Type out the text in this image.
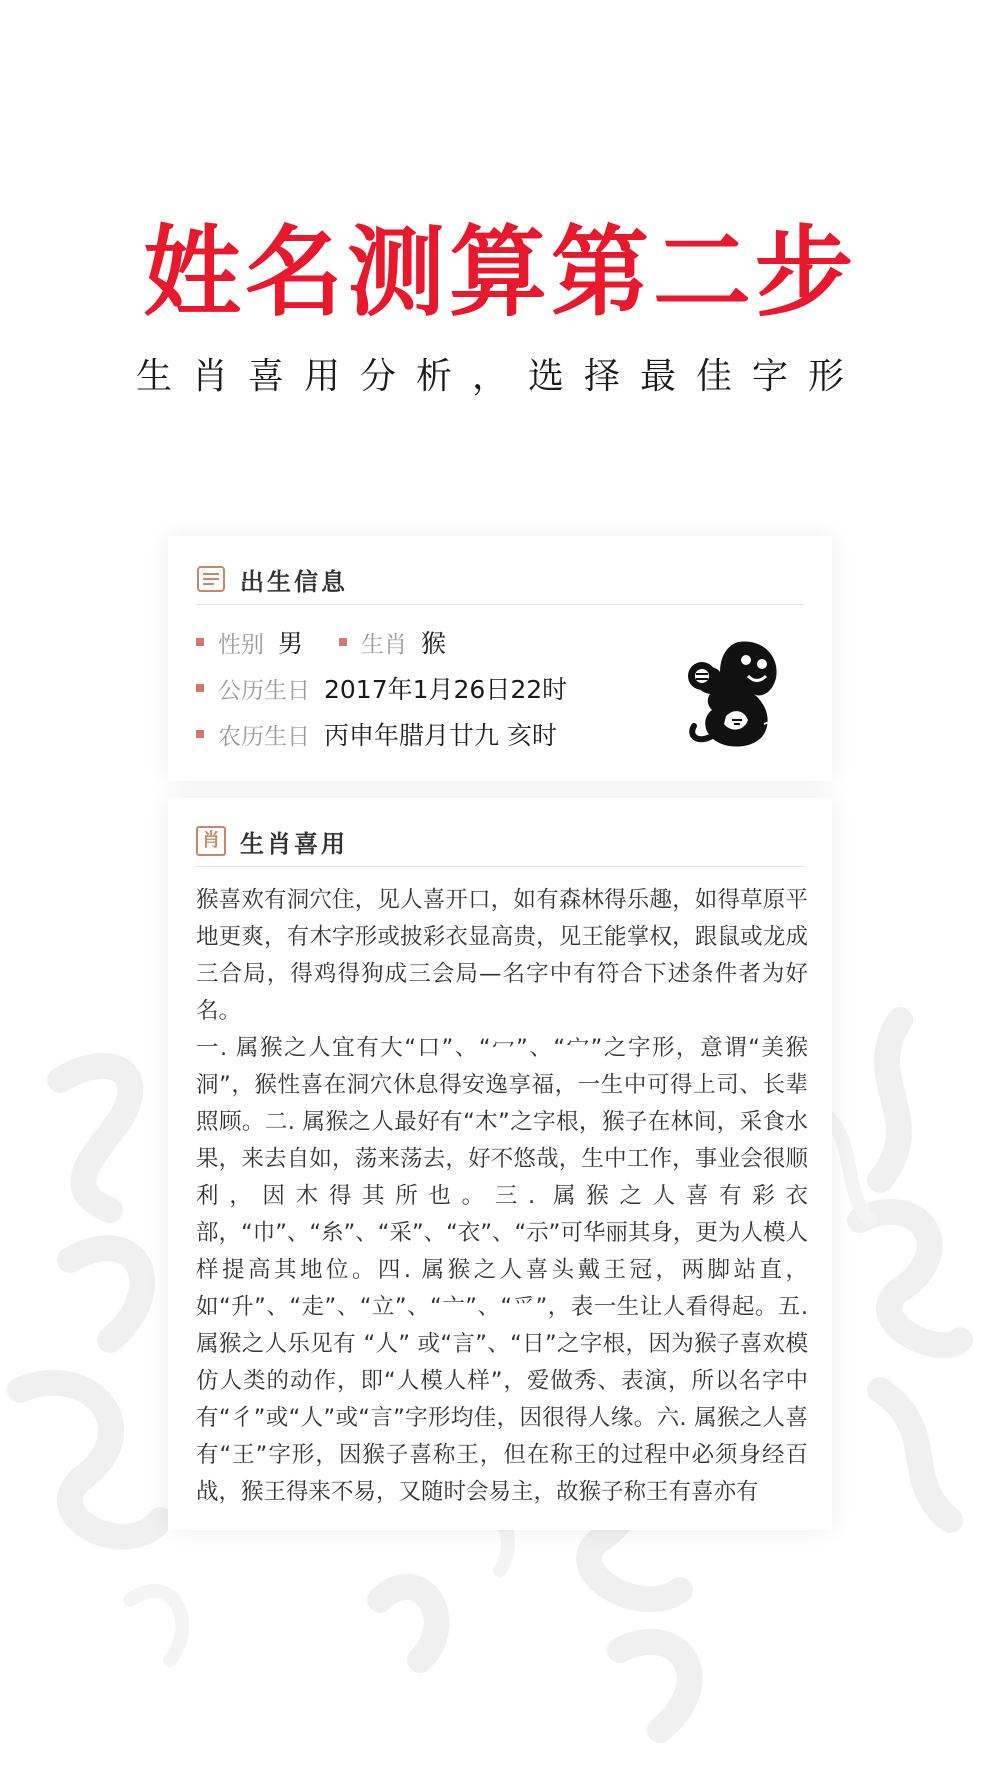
姓名测算第二步
生肖喜用分析，选择最佳字形
出生信息
性别 男	生肖 猴
公历生日 2017年1月26日22时
农历生日 丙申年腊月廿九 亥时
肖 生肖喜用

猴喜欢有洞穴住，见人喜开口，如有森林得乐趣，如得草原平地更爽，有木字形或披彩衣显高贵，见王能掌权，跟鼠或龙成三合局，得鸡得狗成三会局—名字中有符合下述条件者为好名。

一. 属猴之人宜有大“口”、“冖”、“宀”之字形，意谓“美猴洞”，猴性喜在洞穴休息得安逸享福，一生中可得上司、长辈照顾。二. 属猴之人最好有“木”之字根，猴子在林间，采食水果，来去自如，荡来荡去，好不悠哉，生中工作，事业会很顺利，因木得其所也。三. 属猴之人喜有彩衣部，“巾”、“糸”、“采”、“衣”、“示”可华丽其身，更为人模人样提高其地位。四. 属猴之人喜头戴王冠，两脚站直，如“升”、“走”、“立”、“亠”、“爫”，表一生让人看得起。五. 属猴之人乐见有 “人” 或“言”、“日”之字根，因为猴子喜欢模仿人类的动作，即“人模人样”，爱做秀、表演，所以名字中有“彳”或“人”或“言”字形均佳，因很得人缘。六. 属猴之人喜有“王”字形，因猴子喜称王，但在称王的过程中必须身经百战，猴王得来不易，又随时会易主，故猴子称王有喜亦有
